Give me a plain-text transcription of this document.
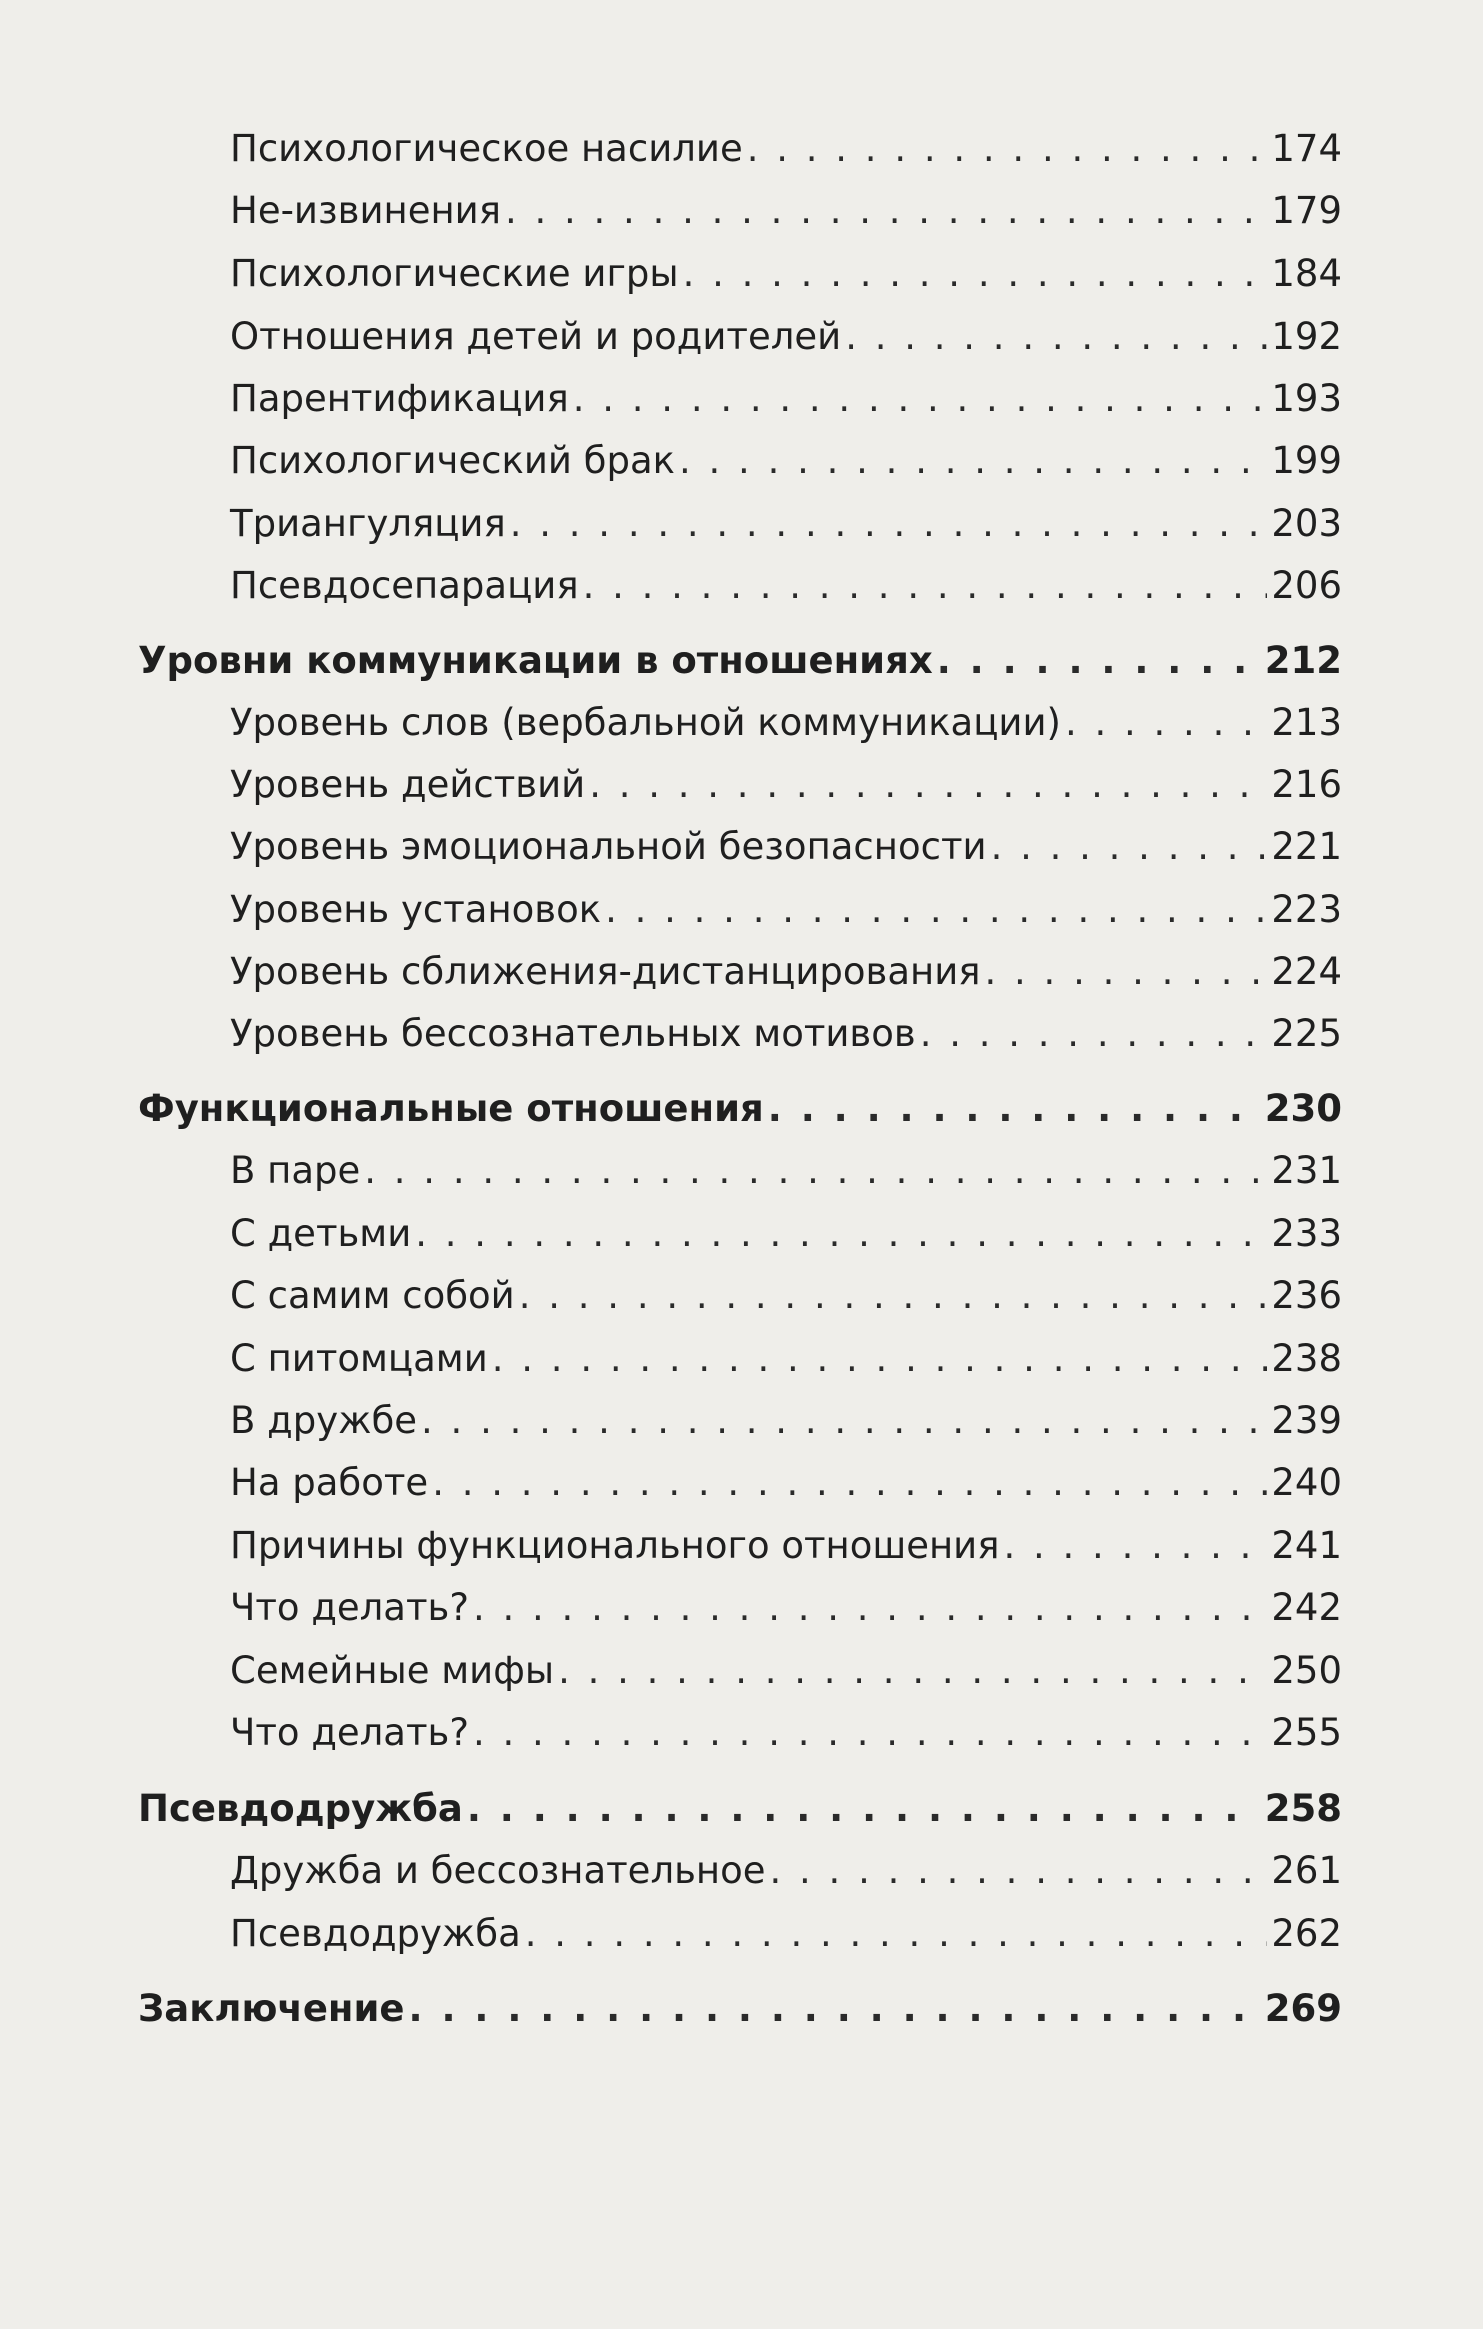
Психологическое насилие . . .	174
Не-извинения . . .	179
Психологические игры . . .	184
Отношения детей и родителей . . .	192
Парентификация . . .	193
Психологический брак . . .	199
Триангуляция . . .	203
Псевдосепарация . . .	206
Уровни коммуникации в отношениях . . .	212
Уровень слов (вербальной коммуникации) . . .	213
Уровень действий . . .	216
Уровень эмоциональной безопасности . . .	221
Уровень установок . . .	223
Уровень сближения-дистанцирования . . .	224
Уровень бессознательных мотивов . . .	225
Функциональные отношения . . .	230
В паре . . .	231
С детьми . . .	233
С самим собой . . .	236
С питомцами . . .	238
В дружбе . . .	239
На работе . . .	240
Причины функционального отношения . . .	241
Что делать? . . .	242
Семейные мифы . . .	250
Что делать? . . .	255
Псевдодружба . . .	258
Дружба и бессознательное . . .	261
Псевдодружба . . .	262
Заключение . . .	269
